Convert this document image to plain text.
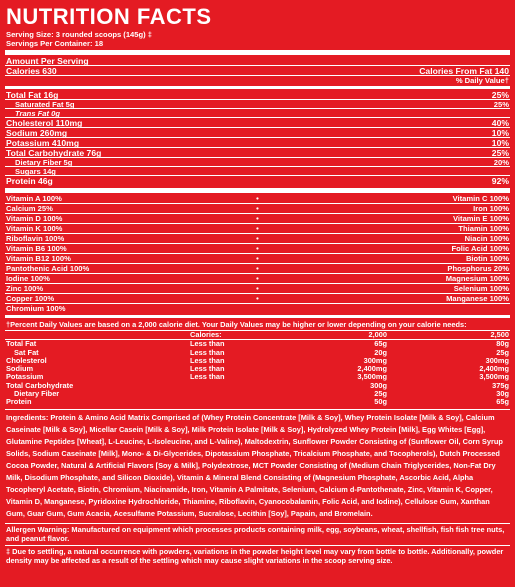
NUTRITION FACTS
Serving Size: 3 rounded scoops (145g) ‡
Servings Per Container: 18
Amount Per Serving
Calories 630	Calories From Fat 140
% Daily Value†
Total Fat 16g	25%
Saturated Fat 5g	25%
Trans Fat 0g
Cholesterol 110mg	40%
Sodium 260mg	10%
Potassium 410mg	10%
Total Carbohydrate 76g	25%
Dietary Fiber 5g	20%
Sugars 14g
Protein 46g	92%
Vitamin A 100%	•	Vitamin C 100%
Calcium 25%	•	Iron 100%
Vitamin D 100%	•	Vitamin E 100%
Vitamin K 100%	•	Thiamin 100%
Riboflavin 100%	•	Niacin 100%
Vitamin B6 100%	•	Folic Acid 100%
Vitamin B12 100%	•	Biotin 100%
Pantothenic Acid 100%	•	Phosphorus 20%
Iodine 100%	•	Magnesium 100%
Zinc 100%	•	Selenium 100%
Copper 100%	•	Manganese 100%
Chromium 100%
†Percent Daily Values are based on a 2,000 calorie diet. Your Daily Values may be higher or lower depending on your calorie needs:
	Calories:	2,000	2,500
Total Fat	Less than	65g	80g
Sat Fat	Less than	20g	25g
Cholesterol	Less than	300mg	300mg
Sodium	Less than	2,400mg	2,400mg
Potassium	Less than	3,500mg	3,500mg
Total Carbohydrate		300g	375g
Dietary Fiber		25g	30g
Protein		50g	65g
Ingredients: Protein & Amino Acid Matrix Comprised of (Whey Protein Concentrate [Milk & Soy], Whey Protein Isolate [Milk & Soy], Calcium Caseinate [Milk & Soy], Micellar Casein [Milk & Soy], Milk Protein Isolate [Milk & Soy], Hydrolyzed Whey Protein [Milk], Egg Whites [Egg], Glutamine Peptides [Wheat], L-Leucine, L-Isoleucine, and L-Valine), Maltodextrin, Sunflower Powder Consisting of (Sunflower Oil, Corn Syrup Solids, Sodium Caseinate [Milk], Mono- & Di-Glycerides, Dipotassium Phosphate, Tricalcium Phosphate, and Tocopherols), Dutch Processed Cocoa Powder, Natural & Artificial Flavors [Soy & Milk], Polydextrose, MCT Powder Consisting of (Medium Chain Triglycerides, Non-Fat Dry Milk, Disodium Phosphate, and Silicon Dioxide), Vitamin & Mineral Blend Consisting of (Magnesium Phosphate, Ascorbic Acid, Alpha Tocopheryl Acetate, Biotin, Chromium, Niacinamide, Iron, Vitamin A Palmitate, Selenium, Calcium d-Pantothenate, Zinc, Vitamin K, Copper, Vitamin D, Manganese, Pyridoxine Hydrochloride, Thiamine, Riboflavin, Cyanocobalamin, Folic Acid, and Iodine), Cellulose Gum, Xanthan Gum, Guar Gum, Gum Acacia, Acesulfame Potassium, Sucralose, Lecithin [Soy], Papain, and Bromelain.
Allergen Warning: Manufactured on equipment which processes products containing milk, egg, soybeans, wheat, shellfish, fish fish tree nuts, and peanut flavor.
‡ Due to settling, a natural occurrence with powders, variations in the powder height level may vary from bottle to bottle. Additionally, powder density may be affected as a result of the settling which may cause slight variations in the scoop serving size.
